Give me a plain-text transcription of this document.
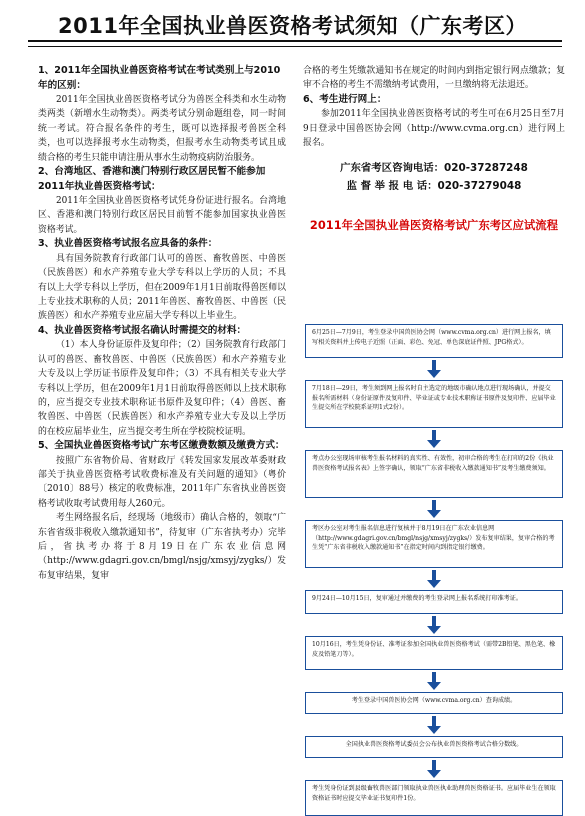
2011年全国执业兽医资格考试须知（广东考区）

1、2011年全国执业兽医资格考试在考试类别上与2010年的区别：

2011年全国执业兽医资格考试分为兽医全科类和水生动物类两类（新增水生动物类）。两类考试分别命题组卷，同一时间统一考试。符合报名条件的考生，既可以选择报考兽医全科类，也可以选择报考水生动物类，但报考水生动物类考试且成绩合格的考生只能申请注册从事水生动物疫病防治服务。

2、台湾地区、香港和澳门特别行政区居民暂不能参加2011年执业兽医资格考试：

2011年全国执业兽医资格考试凭身份证进行报名。台湾地区、香港和澳门特别行政区居民目前暂不能参加国家执业兽医资格考试。

3、执业兽医资格考试报名应具备的条件：

具有国务院教育行政部门认可的兽医、畜牧兽医、中兽医（民族兽医）和水产养殖专业大学专科以上学历的人员；不具有以上大学专科以上学历，但在2009年1月1日前取得兽医师以上专业技术职称的人员；2011年兽医、畜牧兽医、中兽医（民族兽医）和水产养殖专业应届大学专科以上毕业生。

4、执业兽医资格考试报名确认时需提交的材料：

（1）本人身份证原件及复印件；（2）国务院教育行政部门认可的兽医、畜牧兽医、中兽医（民族兽医）和水产养殖专业大专及以上学历证书原件及复印件；（3）不具有相关专业大学专科以上学历，但在2009年1月1日前取得兽医师以上技术职称的，应当提交专业技术职称证书原件及复印件；（4）兽医、畜牧兽医、中兽医（民族兽医）和水产养殖专业大专及以上学历的在校应届毕业生，应当提交考生所在学校院校证明。

5、全国执业兽医资格考试广东考区缴费数额及缴费方式：

按照广东省物价局、省财政厅《转发国家发展改革委财政部关于执业兽医资格考试收费标准及有关问题的通知》（粤价〔2010〕88号）核定的收费标准，2011年广东省执业兽医资格考试收取考试费用每人260元。

考生网络报名后，经现场（地级市）确认合格的，领取“广东省省级非税收入缴款通知书”，待复审（广东省执考办）完毕后，省执考办将于8月19日在广东农业信息网（http://www.gdagri.gov.cn/bmgl/nsjg/xmsyj/zygks/）发布复审结果，复审

合格的考生凭缴款通知书在规定的时间内到指定银行网点缴款；复审不合格的考生不需缴纳考试费用，一旦缴纳将无法退还。

6、考生进行网上：

参加2011年全国执业兽医资格考试的考生可在6月25日至7月9日登录中国兽医协会网（http://www.cvma.org.cn）进行网上报名。

广东省考区咨询电话：020-37287248

监 督 举 报 电 话：020-37279048

2011年全国执业兽医资格考试广东考区应试流程

6月25日—7月9日，考生登录中国兽医协会网（www.cvma.org.cn）进行网上报名，填写相关资料并上传电子近照（正面、彩色、免冠、单色深底证件照、JPG格式）。
7月18日—29日，考生须到网上报名时自主选定的地级市确认地点进行现场确认，并提交报名所需材料（身份证原件及复印件、毕业证或专业技术职称证书原件及复印件、应届毕业生提交所在学校院系证明1式2份）。
考点办公室现场审核考生报名材料的真实性、有效性，初审合格的考生在打印的2份《执业兽医资格考试报名表》上签字确认，领取“广东省非税收入缴款通知书”及考生缴费须知。
考区办公室对考生报名信息进行复核并于8月19日在广东农业信息网（http://www.gdagri.gov.cn/bmgl/nsjg/xmsyj/zygks/）发布复审结果，复审合格的考生凭“广东省非税收入缴款通知书”在指定时间内到指定银行缴费。
9月24日—10月15日，复审通过并缴费的考生登录网上报名系统打印准考证。
10月16日，考生凭身份证、准考证参加全国执业兽医资格考试（需带2B铅笔、黑色笔、橡皮及铅笔刀等）。
考生登录中国兽医协会网（www.cvma.org.cn）查询成绩。
全国执业兽医资格考试委员会公布执业兽医资格考试合格分数线。
考生凭身份证到县级畜牧兽医部门领取执业兽医执业助理兽医资格证书。应届毕业生在领取资格证书时应提交毕业证书复印件1份。
